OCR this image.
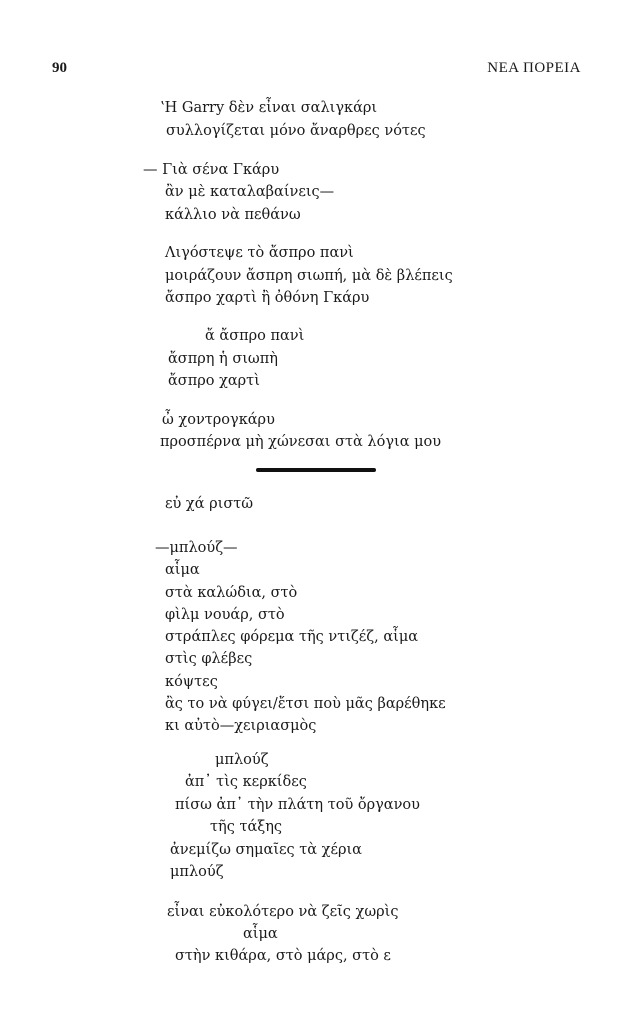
90	ΝΕΑ ΠΟΡΕΙΑ
ʽΗ Garry δὲν εἶναι σαλιγκάρι
συλλογίζεται μόνο ἄναρθρες νότες
— Γιὰ σένα Γκάρυ
ἂν μὲ καταλαβαίνεις—
κάλλιο νὰ πεθάνω
Λιγόστεψε τὸ ἄσπρο πανὶ
μοιράζουν ἄσπρη σιωπή, μὰ δὲ βλέπεις
ἄσπρο χαρτὶ ἢ ὀθόνη Γκάρυ
ἄ ἄσπρο πανὶ
ἄσπρη ἡ σιωπὴ
ἄσπρο χαρτὶ
ὦ χοντρογκάρυ
προσπέρνα μὴ χώνεσαι στὰ λόγια μου
εὐ χά ριστῶ
—μπλούζ—
αἷμα
στὰ καλώδια, στὸ
φὶλμ νουάρ, στὸ
στράπλες φόρεμα τῆς ντιζέζ, αἷμα
στὶς φλέβες
κόψτες
ἂς το νὰ φύγει/ἔτσι ποὺ μᾶς βαρέθηκε
κι αὐτὸ—χειριασμὸς
μπλούζ
ἀπ᾽ τὶς κερκίδες
πίσω ἀπ᾽ τὴν πλάτη τοῦ ὄργανου
τῆς τάξης
ἀνεμίζω σημαῖες τὰ χέρια
μπλούζ
εἶναι εὐκολότερο νὰ ζεῖς χωρὶς
αἷμα
στὴν κιθάρα, στὸ μάρς, στὸ ε
